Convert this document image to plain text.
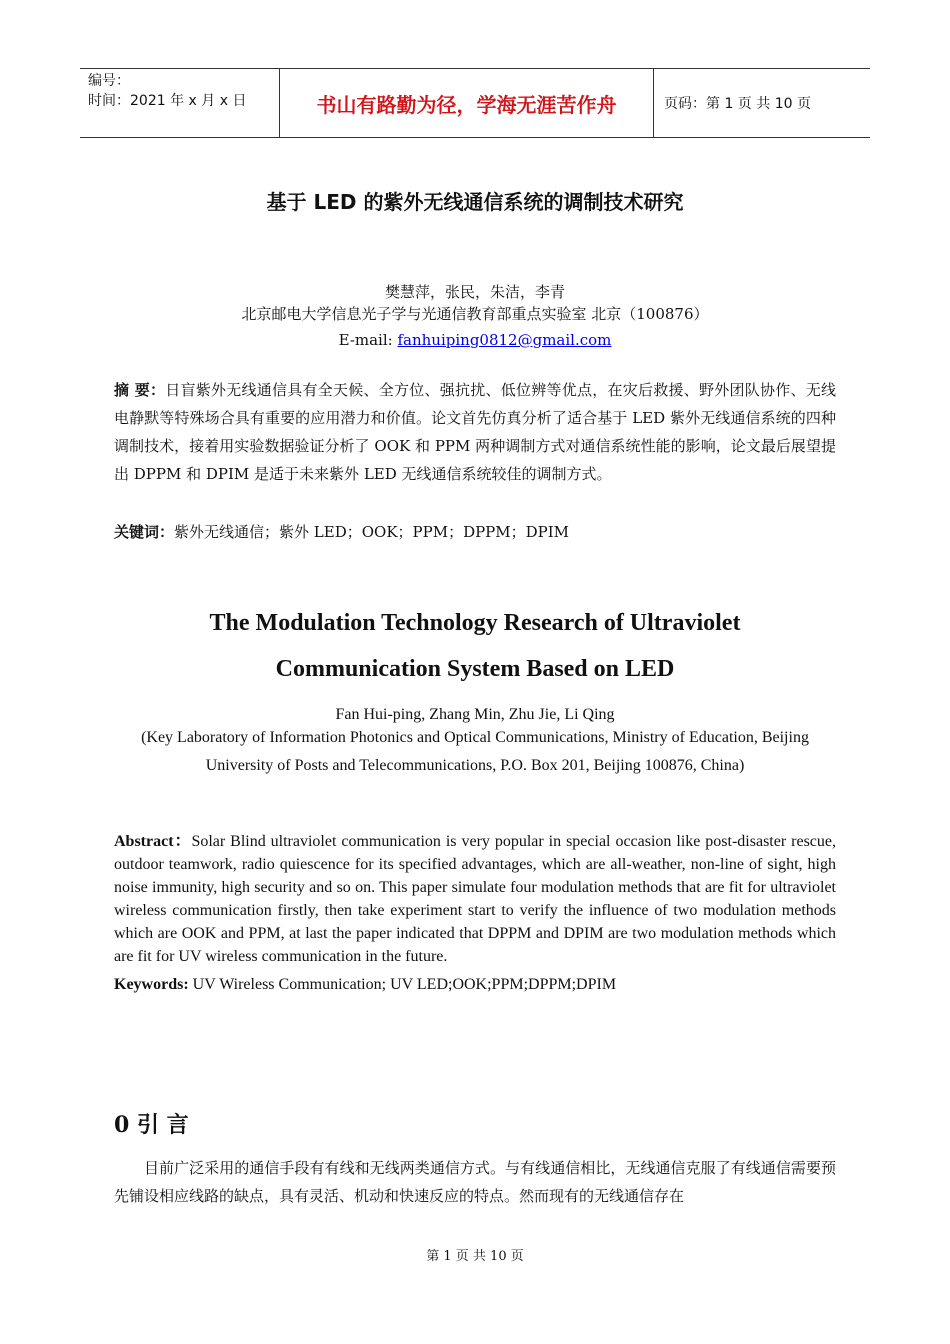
编号：
时间：2021 年 x 月 x 日	书山有路勤为径，学海无涯苦作舟	页码：第 1 页 共 10 页
基于 LED 的紫外无线通信系统的调制技术研究
樊慧萍，张民，朱洁，李青
北京邮电大学信息光子学与光通信教育部重点实验室 北京（100876）
E-mail: fanhuiping0812@gmail.com
摘 要：日盲紫外无线通信具有全天候、全方位、强抗扰、低位辨等优点，在灾后救援、野外团队协作、无线电静默等特殊场合具有重要的应用潜力和价值。论文首先仿真分析了适合基于 LED 紫外无线通信系统的四种调制技术，接着用实验数据验证分析了 OOK 和 PPM 两种调制方式对通信系统性能的影响，论文最后展望提出 DPPM 和 DPIM 是适于未来紫外 LED 无线通信系统较佳的调制方式。
关键词：紫外无线通信；紫外 LED；OOK；PPM；DPPM；DPIM
The Modulation Technology Research of Ultraviolet
Communication System Based on LED
Fan Hui-ping, Zhang Min, Zhu Jie, Li Qing
(Key Laboratory of Information Photonics and Optical Communications, Ministry of Education, Beijing University of Posts and Telecommunications, P.O. Box 201, Beijing 100876, China)
Abstract：Solar Blind ultraviolet communication is very popular in special occasion like post-disaster rescue, outdoor teamwork, radio quiescence for its specified advantages, which are all-weather, non-line of sight, high noise immunity, high security and so on. This paper simulate four modulation methods that are fit for ultraviolet wireless communication firstly, then take experiment start to verify the influence of two modulation methods which are OOK and PPM, at last the paper indicated that DPPM and DPIM are two modulation methods which are fit for UV wireless communication in the future.
Keywords: UV Wireless Communication; UV LED;OOK;PPM;DPPM;DPIM
0 引 言
目前广泛采用的通信手段有有线和无线两类通信方式。与有线通信相比，无线通信克服了有线通信需要预先铺设相应线路的缺点，具有灵活、机动和快速反应的特点。然而现有的无线通信存在
第 1 页 共 10 页
